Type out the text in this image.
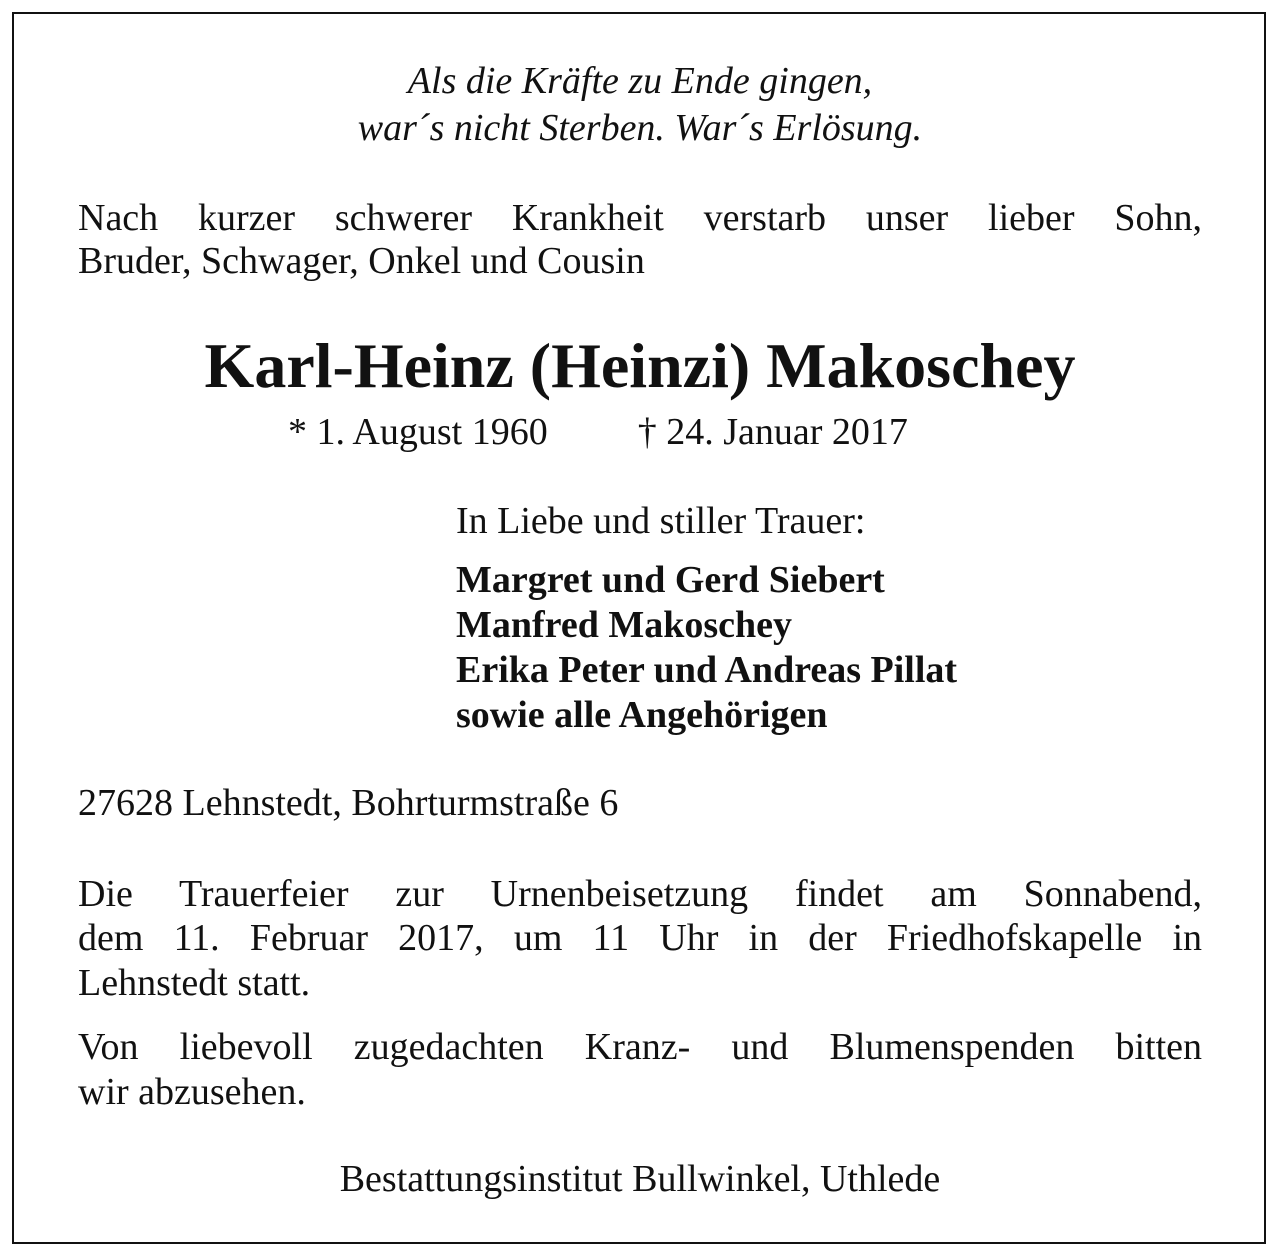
Als die Kräfte zu Ende gingen,
war´s nicht Sterben. War´s Erlösung.
Nach kurzer schwerer Krankheit verstarb unser lieber Sohn,
Bruder, Schwager, Onkel und Cousin
Karl-Heinz (Heinzi) Makoschey
* 1. August 1960 † 24. Januar 2017
In Liebe und stiller Trauer:
Margret und Gerd Siebert
Manfred Makoschey
Erika Peter und Andreas Pillat
sowie alle Angehörigen
27628 Lehnstedt, Bohrturmstraße 6
Die Trauerfeier zur Urnenbeisetzung findet am Sonnabend,
dem 11. Februar 2017, um 11 Uhr in der Friedhofskapelle in
Lehnstedt statt.
Von liebevoll zugedachten Kranz- und Blumenspenden bitten
wir abzusehen.
Bestattungsinstitut Bullwinkel, Uthlede
